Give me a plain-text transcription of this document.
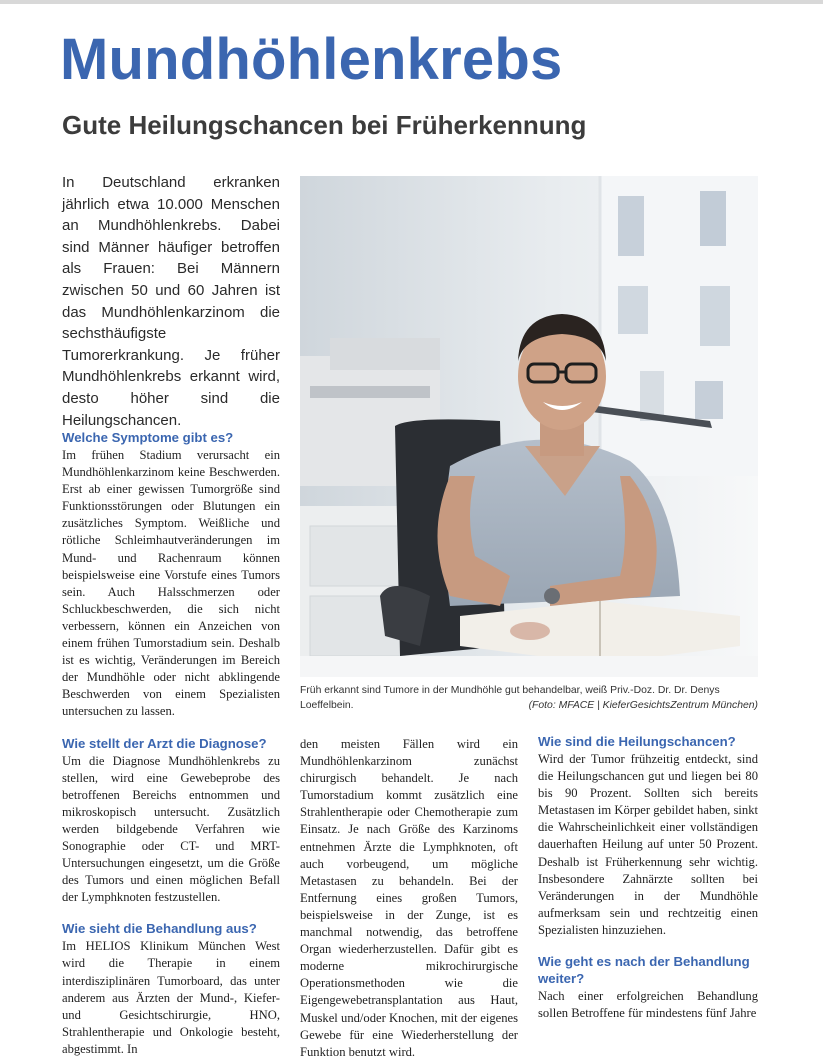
Mundhöhlenkrebs
Gute Heilungschancen bei Früherkennung

In Deutschland erkranken jährlich etwa 10.000 Menschen an Mundhöhlenkrebs. Dabei sind Männer häufiger betroffen als Frauen: Bei Männern zwischen 50 und 60 Jahren ist das Mundhöhlenkarzinom die sechsthäufigste Tumorerkrankung. Je früher Mundhöhlenkrebs erkannt wird, desto höher sind die Heilungschancen.

Welche Symptome gibt es?

Im frühen Stadium verursacht ein Mundhöhlenkarzinom keine Beschwerden. Erst ab einer gewissen Tumorgröße sind Funktionsstörungen oder Blutungen ein zusätzliches Symptom. Weißliche und rötliche Schleimhautveränderungen im Mund- und Rachenraum können beispielsweise eine Vorstufe eines Tumors sein. Auch Halsschmerzen oder Schluckbeschwerden, die sich nicht verbessern, können ein Anzeichen von einem frühen Tumorstadium sein. Deshalb ist es wichtig, Veränderungen im Bereich der Mundhöhle oder nicht abklingende Beschwerden von einem Spezialisten untersuchen zu lassen.

Wie stellt der Arzt die Diagnose?

Um die Diagnose Mundhöhlenkrebs zu stellen, wird eine Gewebeprobe des betroffenen Bereichs entnommen und mikroskopisch untersucht. Zusätzlich werden bildgebende Verfahren wie Sonographie oder CT- und MRT-Untersuchungen eingesetzt, um die Größe des Tumors und einen möglichen Befall der Lymphknoten festzustellen.

Wie sieht die Behandlung aus?

Im HELIOS Klinikum München West wird die Therapie in einem interdisziplinären Tumorboard, das unter anderem aus Ärzten der Mund-, Kiefer- und Gesichtschirurgie, HNO, Strahlentherapie und Onkologie besteht, abgestimmt. In

Früh erkannt sind Tumore in der Mundhöhle gut behandelbar, weiß Priv.-Doz. Dr. Dr. Denys Loeffelbein.	(Foto: MFACE | KieferGesichtsZentrum München)

den meisten Fällen wird ein Mundhöhlenkarzinom zunächst chirurgisch behandelt. Je nach Tumorstadium kommt zusätzlich eine Strahlentherapie oder Chemotherapie zum Einsatz. Je nach Größe des Karzinoms entnehmen Ärzte die Lymphknoten, oft auch vorbeugend, um mögliche Metastasen zu behandeln. Bei der Entfernung eines großen Tumors, beispielsweise in der Zunge, ist es manchmal notwendig, das betroffene Organ wiederherzustellen. Dafür gibt es moderne mikrochirurgische Operationsmethoden wie die Eigengewebetransplantation aus Haut, Muskel und/oder Knochen, mit der eigenes Gewebe für eine Wiederherstellung der Funktion benutzt wird.

Wie sind die Heilungschancen?

Wird der Tumor frühzeitig entdeckt, sind die Heilungschancen gut und liegen bei 80 bis 90 Prozent. Sollten sich bereits Metastasen im Körper gebildet haben, sinkt die Wahrscheinlichkeit einer vollständigen dauerhaften Heilung auf unter 50 Prozent. Deshalb ist Früherkennung sehr wichtig. Insbesondere Zahnärzte sollten bei Veränderungen in der Mundhöhle aufmerksam sein und rechtzeitig einen Spezialisten hinzuziehen.

Wie geht es nach der Behandlung weiter?

Nach einer erfolgreichen Behandlung sollen Betroffene für mindestens fünf Jahre
